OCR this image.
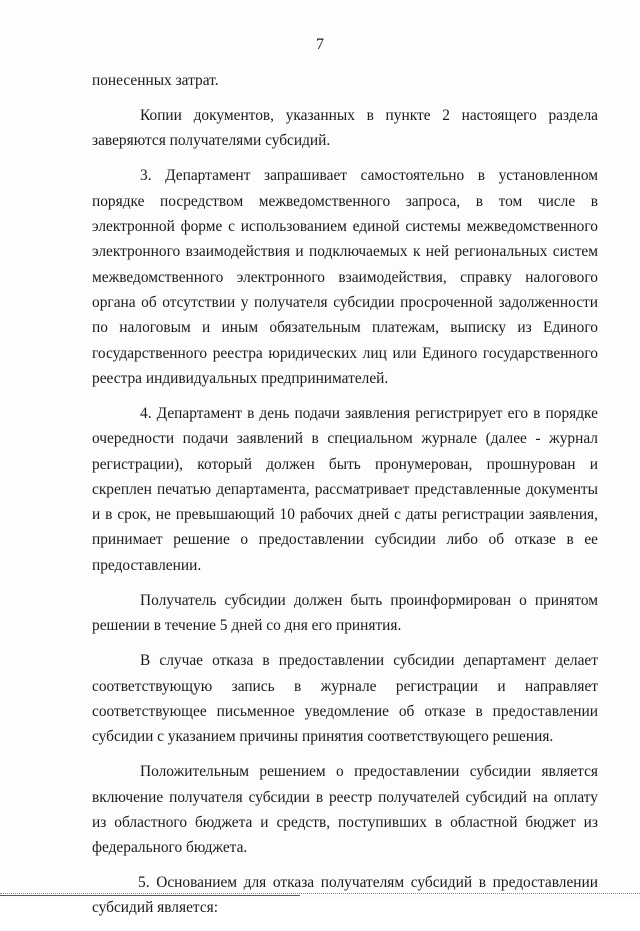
7

понесенных затрат.

Копии документов, указанных в пункте 2 настоящего раздела заверяются получателями субсидий.

3. Департамент запрашивает самостоятельно в установленном порядке посредством межведомственного запроса, в том числе в электронной форме с использованием единой системы межведомственного электронного взаимодействия и подключаемых к ней региональных систем межведомственного электронного взаимодействия, справку налогового органа об отсутствии у получателя субсидии просроченной задолженности по налоговым и иным обязательным платежам, выписку из Единого государственного реестра юридических лиц или Единого государственного реестра индивидуальных предпринимателей.

4. Департамент в день подачи заявления регистрирует его в порядке очередности подачи заявлений в специальном журнале (далее - журнал регистрации), который должен быть пронумерован, прошнурован и скреплен печатью департамента, рассматривает представленные документы и в срок, не превышающий 10 рабочих дней с даты регистрации заявления, принимает решение о предоставлении субсидии либо об отказе в ее предоставлении.

Получатель субсидии должен быть проинформирован о принятом решении в течение 5 дней со дня его принятия.

В случае отказа в предоставлении субсидии департамент делает соответствующую запись в журнале регистрации и направляет соответствующее письменное уведомление об отказе в предоставлении субсидии с указанием причины принятия соответствующего решения.

Положительным решением о предоставлении субсидии является включение получателя субсидии в реестр получателей субсидий на оплату из областного бюджета и средств, поступивших в областной бюджет из федерального бюджета.

5. Основанием для отказа получателям субсидий в предоставлении субсидий является:
